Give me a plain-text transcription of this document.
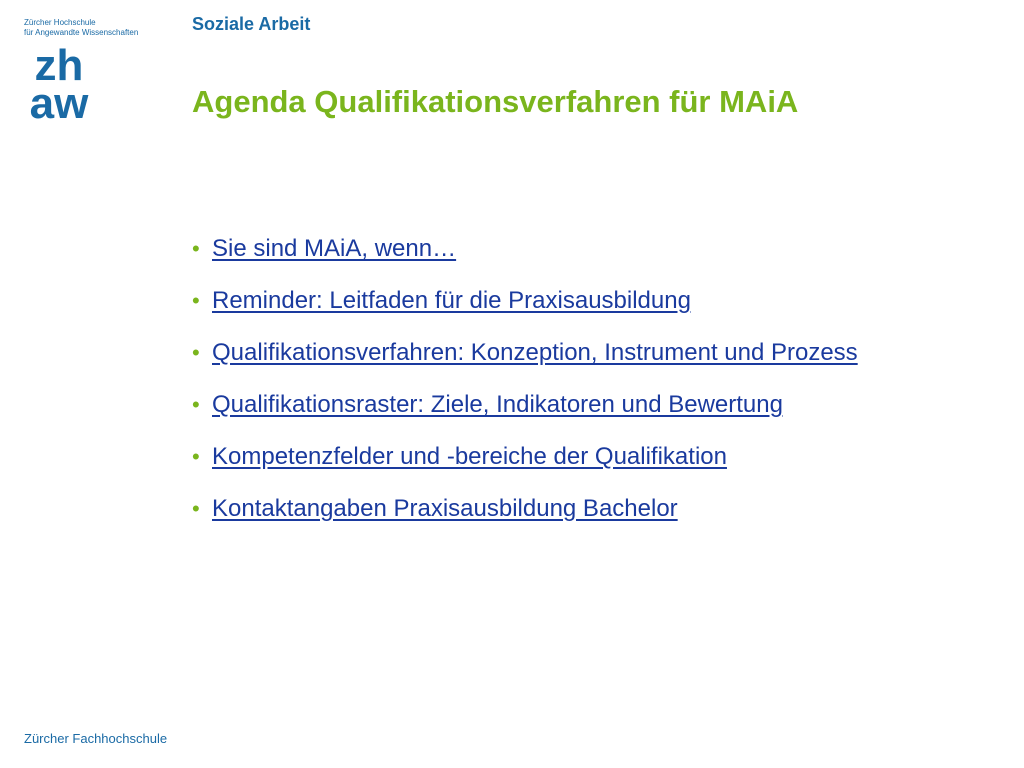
Zürcher Hochschule
für Angewandte Wissenschaften
zh
aw
Soziale Arbeit
Agenda Qualifikationsverfahren für MAiA
• Sie sind MAiA, wenn…
• Reminder: Leitfaden für die Praxisausbildung
• Qualifikationsverfahren: Konzeption, Instrument und Prozess
• Qualifikationsraster: Ziele, Indikatoren und Bewertung
• Kompetenzfelder und -bereiche der Qualifikation
• Kontaktangaben Praxisausbildung Bachelor
Zürcher Fachhochschule
